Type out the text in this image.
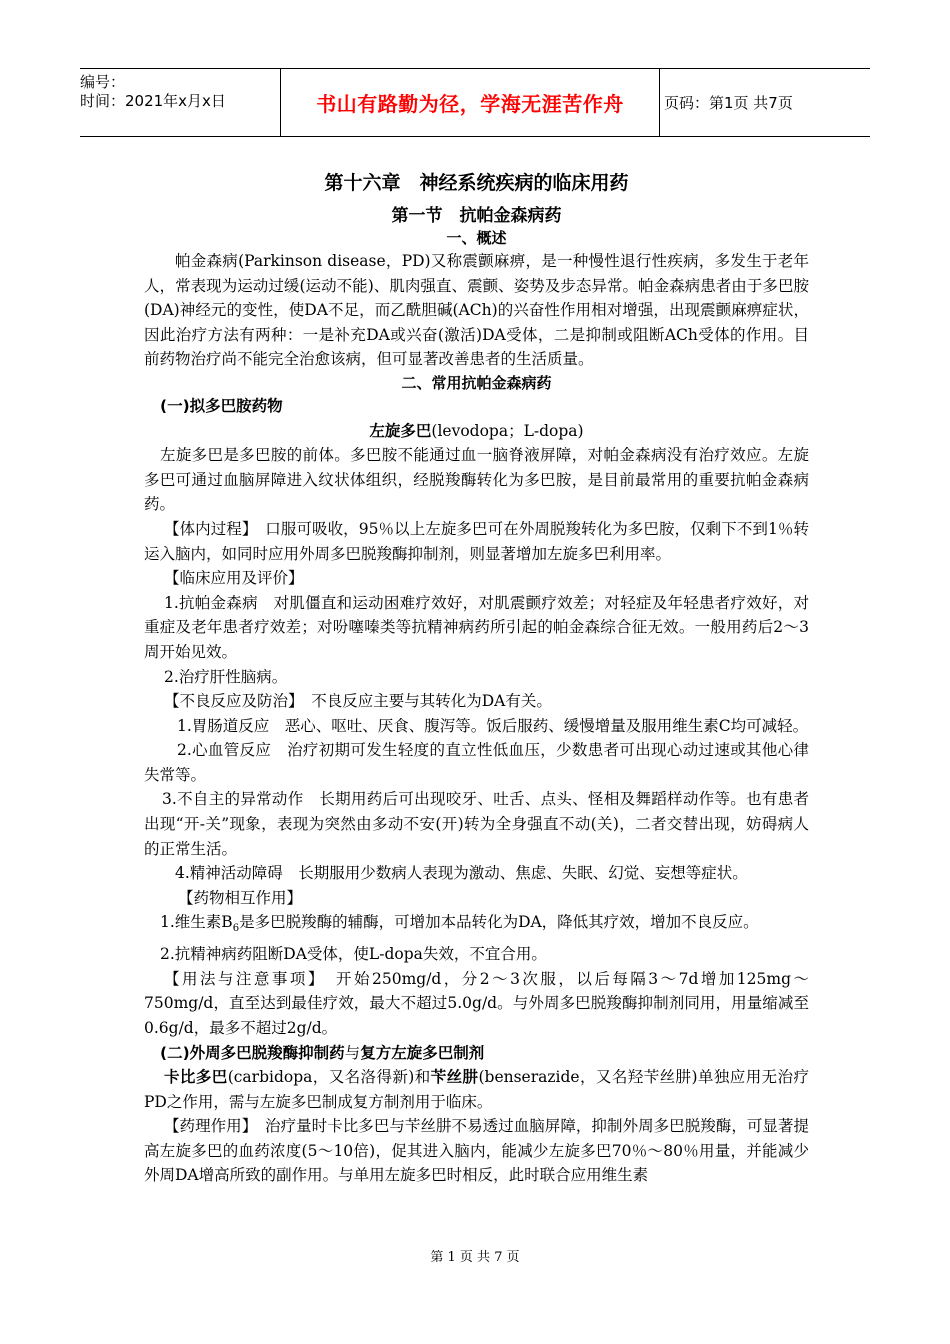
编号：
时间：2021年x月x日	书山有路勤为径，学海无涯苦作舟	页码：第1页 共7页
第十六章　神经系统疾病的临床用药
第一节　抗帕金森病药
一、概述

帕金森病(Parkinson disease，PD)又称震颤麻痹，是一种慢性退行性疾病，多发生于老年人，常表现为运动过缓(运动不能)、肌肉强直、震颤、姿势及步态异常。帕金森病患者由于多巴胺(DA)神经元的变性，使DA不足，而乙酰胆碱(ACh)的兴奋性作用相对增强，出现震颤麻痹症状，因此治疗方法有两种：一是补充DA或兴奋(激活)DA受体，二是抑制或阻断ACh受体的作用。目前药物治疗尚不能完全治愈该病，但可显著改善患者的生活质量。

二、常用抗帕金森病药

(一)拟多巴胺药物

左旋多巴(levodopa；L-dopa)

左旋多巴是多巴胺的前体。多巴胺不能通过血一脑脊液屏障，对帕金森病没有治疗效应。左旋多巴可通过血脑屏障进入纹状体组织，经脱羧酶转化为多巴胺，是目前最常用的重要抗帕金森病药。

【体内过程】　口服可吸收，95％以上左旋多巴可在外周脱羧转化为多巴胺，仅剩下不到1％转运入脑内，如同时应用外周多巴脱羧酶抑制剂，则显著增加左旋多巴利用率。

【临床应用及评价】

1.抗帕金森病　对肌僵直和运动困难疗效好，对肌震颤疗效差；对轻症及年轻患者疗效好，对重症及老年患者疗效差；对吩噻嗪类等抗精神病药所引起的帕金森综合征无效。一般用药后2～3周开始见效。

2.治疗肝性脑病。

【不良反应及防治】　不良反应主要与其转化为DA有关。

1.胃肠道反应　恶心、呕吐、厌食、腹泻等。饭后服药、缓慢增量及服用维生素C均可减轻。

2.心血管反应　治疗初期可发生轻度的直立性低血压，少数患者可出现心动过速或其他心律失常等。

3.不自主的异常动作　长期用药后可出现咬牙、吐舌、点头、怪相及舞蹈样动作等。也有患者出现“开-关”现象，表现为突然由多动不安(开)转为全身强直不动(关)，二者交替出现，妨碍病人的正常生活。

4.精神活动障碍　长期服用少数病人表现为激动、焦虑、失眠、幻觉、妄想等症状。

【药物相互作用】

1.维生素$B_6$是多巴脱羧酶的辅酶，可增加本品转化为DA，降低其疗效，增加不良反应。

2.抗精神病药阻断DA受体，使L-dopa失效，不宜合用。

【用法与注意事项】　开始250mg/d，分2～3次服，以后每隔3～7d增加125mg～750mg/d，直至达到最佳疗效，最大不超过5.0g/d。与外周多巴脱羧酶抑制剂同用，用量缩减至0.6g/d，最多不超过2g/d。

(二)外周多巴脱羧酶抑制药与复方左旋多巴制剂

卡比多巴(carbidopa，又名洛得新)和苄丝肼(benserazide，又名羟苄丝肼)单独应用无治疗PD之作用，需与左旋多巴制成复方制剂用于临床。

【药理作用】　治疗量时卡比多巴与苄丝肼不易透过血脑屏障，抑制外周多巴脱羧酶，可显著提高左旋多巴的血药浓度(5～10倍)，促其进入脑内，能减少左旋多巴70％～80％用量，并能减少外周DA增高所致的副作用。与单用左旋多巴时相反，此时联合应用维生素

第 1 页 共 7 页
